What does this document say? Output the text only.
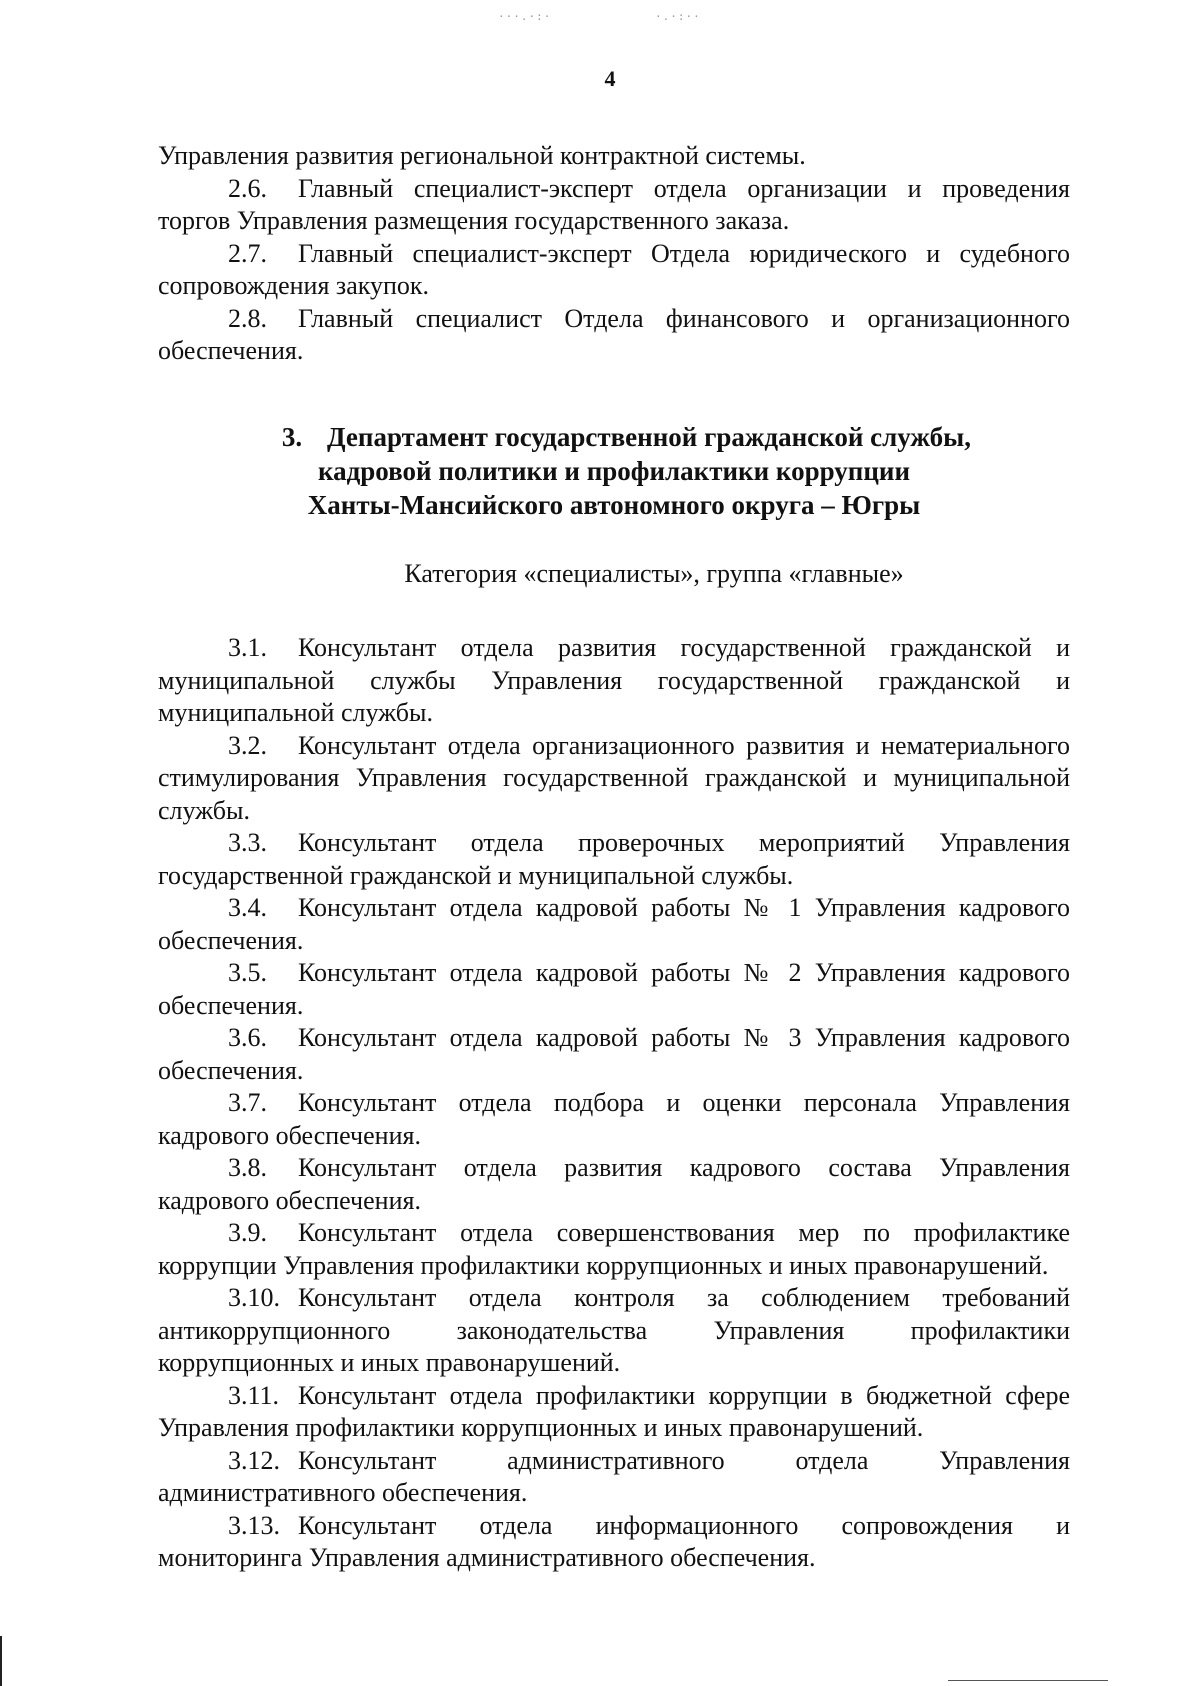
···.·:·	·.·:··
4

Управления развития региональной контрактной системы.

2.6. Главный специалист-эксперт отдела организации и проведения торгов Управления размещения государственного заказа.

2.7. Главный специалист-эксперт Отдела юридического и судебного сопровождения закупок.

2.8. Главный специалист Отдела финансового и организационного обеспечения.

3. Департамент государственной гражданской службы,
кадровой политики и профилактики коррупции
Ханты-Мансийского автономного округа – Югры

Категория «специалисты», группа «главные»

3.1. Консультант отдела развития государственной гражданской и муниципальной службы Управления государственной гражданской и муниципальной службы.

3.2. Консультант отдела организационного развития и нематериального стимулирования Управления государственной гражданской и муниципальной службы.

3.3. Консультант отдела проверочных мероприятий Управления государственной гражданской и муниципальной службы.

3.4. Консультант отдела кадровой работы № 1 Управления кадрового обеспечения.

3.5. Консультант отдела кадровой работы № 2 Управления кадрового обеспечения.

3.6. Консультант отдела кадровой работы № 3 Управления кадрового обеспечения.

3.7. Консультант отдела подбора и оценки персонала Управления кадрового обеспечения.

3.8. Консультант отдела развития кадрового состава Управления кадрового обеспечения.

3.9. Консультант отдела совершенствования мер по профилактике коррупции Управления профилактики коррупционных и иных правонарушений.

3.10. Консультант отдела контроля за соблюдением требований антикоррупционного законодательства Управления профилактики коррупционных и иных правонарушений.

3.11. Консультант отдела профилактики коррупции в бюджетной сфере Управления профилактики коррупционных и иных правонарушений.

3.12. Консультант административного отдела Управления административного обеспечения.

3.13. Консультант отдела информационного сопровождения и мониторинга Управления административного обеспечения.
